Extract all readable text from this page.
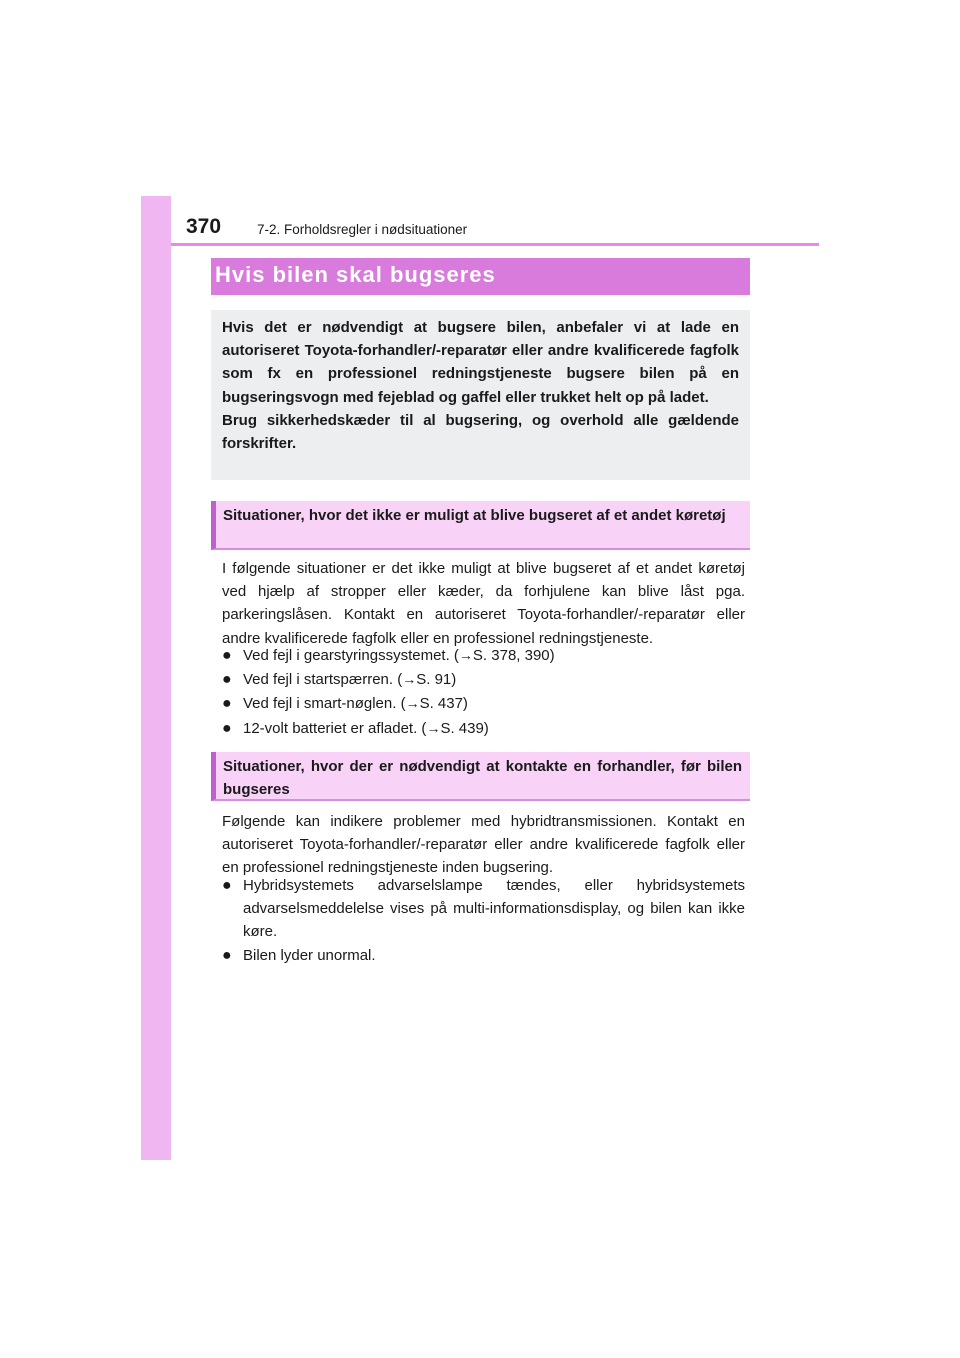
370	7-2. Forholdsregler i nødsituationer
Hvis bilen skal bugseres

Hvis det er nødvendigt at bugsere bilen, anbefaler vi at lade en autoriseret Toyota-forhandler/-reparatør eller andre kvalificerede fagfolk som fx en professionel redningstjeneste bugsere bilen på en bugseringsvogn med fejeblad og gaffel eller trukket helt op på ladet.

Brug sikkerhedskæder til al bugsering, og overhold alle gældende forskrifter.

Situationer, hvor det ikke er muligt at blive bugseret af et andet køretøj

I følgende situationer er det ikke muligt at blive bugseret af et andet køretøj ved hjælp af stropper eller kæder, da forhjulene kan blive låst pga. parkeringslåsen. Kontakt en autoriseret Toyota-forhandler/-reparatør eller andre kvalificerede fagfolk eller en professionel redningstjeneste.

● Ved fejl i gearstyringssystemet. (→S. 378, 390)
● Ved fejl i startspærren. (→S. 91)
● Ved fejl i smart-nøglen. (→S. 437)
● 12-volt batteriet er afladet. (→S. 439)
Situationer, hvor der er nødvendigt at kontakte en forhandler, før bilen bugseres

Følgende kan indikere problemer med hybridtransmissionen. Kontakt en autoriseret Toyota-forhandler/-reparatør eller andre kvalificerede fagfolk eller en professionel redningstjeneste inden bugsering.

● Hybridsystemets advarselslampe tændes, eller hybridsystemets advarselsmeddelelse vises på multi-informationsdisplay, og bilen kan ikke køre.
● Bilen lyder unormal.
